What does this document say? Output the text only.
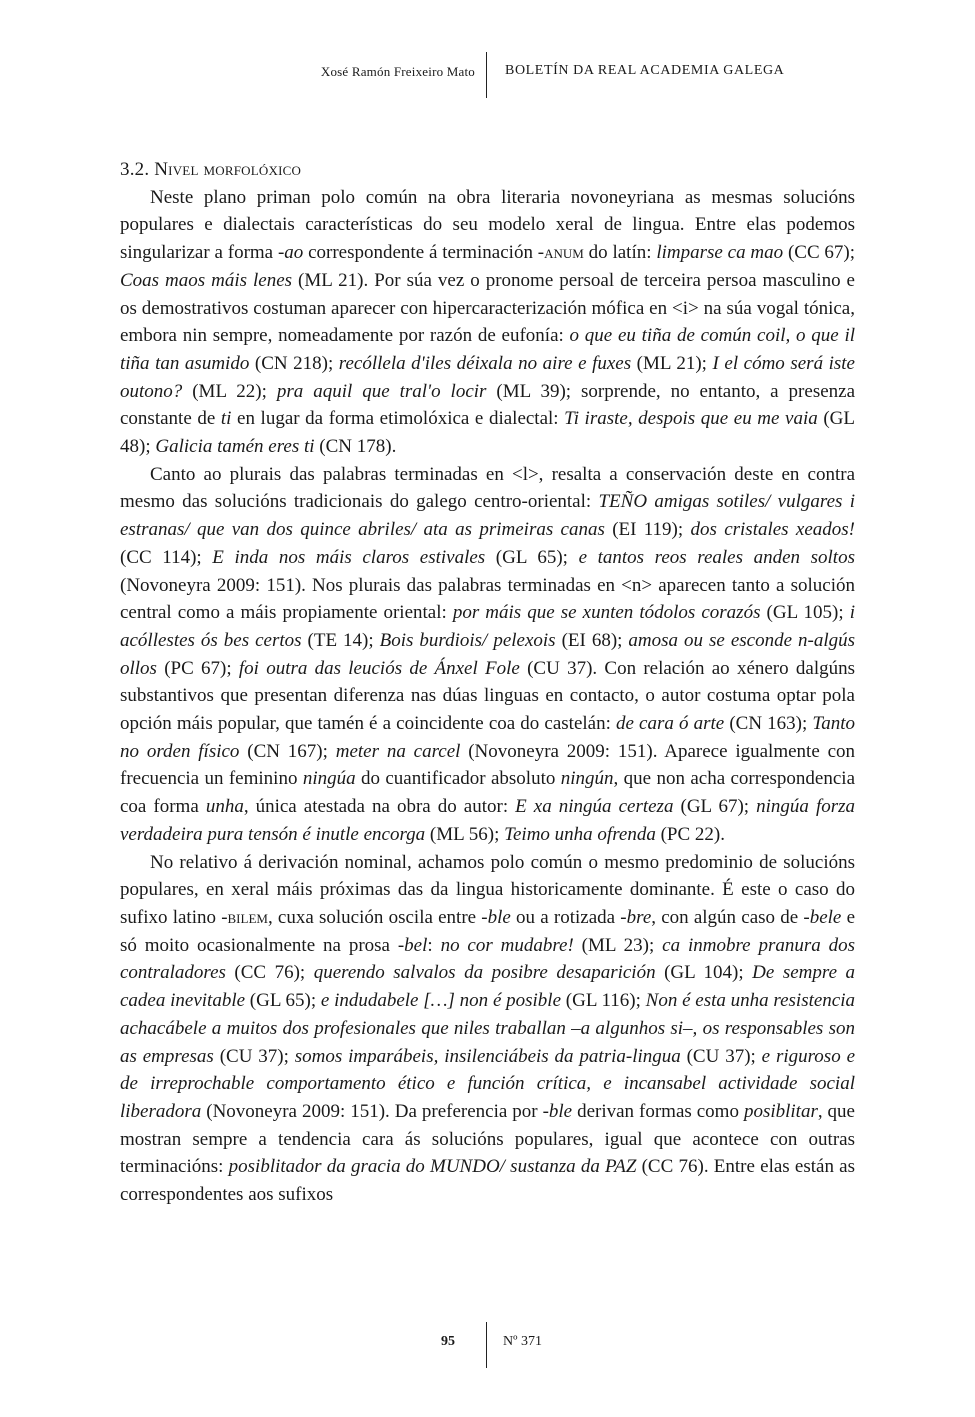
Xosé Ramón Freixeiro Mato BOLETÍN DA REAL ACADEMIA GALEGA
3.2. Nivel morfolóxico

Neste plano priman polo común na obra literaria novoneyriana as mesmas solucións populares e dialectais características do seu modelo xeral de lingua. Entre elas podemos singularizar a forma -ao correspondente á terminación -anum do latín: limparse ca mao (CC 67); Coas maos máis lenes (ML 21). Por súa vez o pronome persoal de terceira persoa masculino e os demostrativos costuman aparecer con hipercaracterización mófica en <i> na súa vogal tónica, embora nin sempre, nomeadamente por razón de eufonía: o que eu tiña de común coil, o que il tiña tan asumido (CN 218); recóllela d'iles déixala no aire e fuxes (ML 21); I el cómo será iste outono? (ML 22); pra aquil que tral'o locir (ML 39); sorprende, no entanto, a presenza constante de ti en lugar da forma etimolóxica e dialectal: Ti iraste, despois que eu me vaia (GL 48); Galicia tamén eres ti (CN 178).

Canto ao plurais das palabras terminadas en <l>, resalta a conservación deste en contra mesmo das solucións tradicionais do galego centro-oriental: TEÑO amigas sotiles/ vulgares i estranas/ que van dos quince abriles/ ata as primeiras canas (EI 119); dos cristales xeados! (CC 114); E inda nos máis claros estivales (GL 65); e tantos reos reales anden soltos (Novoneyra 2009: 151). Nos plurais das palabras terminadas en <n> aparecen tanto a solución central como a máis propiamente oriental: por máis que se xunten tódolos corazós (GL 105); i acóllestes ós bes certos (TE 14); Bois burdiois/ pelexois (EI 68); amosa ou se esconde n-algús ollos (PC 67); foi outra das leuciós de Ánxel Fole (CU 37). Con relación ao xénero dalgúns substantivos que presentan diferenza nas dúas linguas en contacto, o autor costuma optar pola opción máis popular, que tamén é a coincidente coa do castelán: de cara ó arte (CN 163); Tanto no orden físico (CN 167); meter na carcel (Novoneyra 2009: 151). Aparece igualmente con frecuencia un feminino ningúa do cuantificador absoluto ningún, que non acha correspondencia coa forma unha, única atestada na obra do autor: E xa ningúa certeza (GL 67); ningúa forza verdadeira pura tensón é inutle encorga (ML 56); Teimo unha ofrenda (PC 22).

No relativo á derivación nominal, achamos polo común o mesmo predominio de solucións populares, en xeral máis próximas das da lingua historicamente dominante. É este o caso do sufixo latino -bilem, cuxa solución oscila entre -ble ou a rotizada -bre, con algún caso de -bele e só moito ocasionalmente na prosa -bel: no cor mudabre! (ML 23); ca inmobre pranura dos contraladores (CC 76); querendo salvalos da posibre desaparición (GL 104); De sempre a cadea inevitable (GL 65); e indudabele […] non é posible (GL 116); Non é esta unha resistencia achacábele a muitos dos profesionales que niles traballan –a algunhos si–, os responsables son as empresas (CU 37); somos imparábeis, insilenciábeis da patria-lingua (CU 37); e riguroso e de irreprochable comportamento ético e función crítica, e incansabel actividade social liberadora (Novoneyra 2009: 151). Da preferencia por -ble derivan formas como posiblitar, que mostran sempre a tendencia cara ás solucións populares, igual que acontece con outras terminacións: posiblitador da gracia do MUNDO/ sustanza da PAZ (CC 76). Entre elas están as correspondentes aos sufixos

95	Nº 371
